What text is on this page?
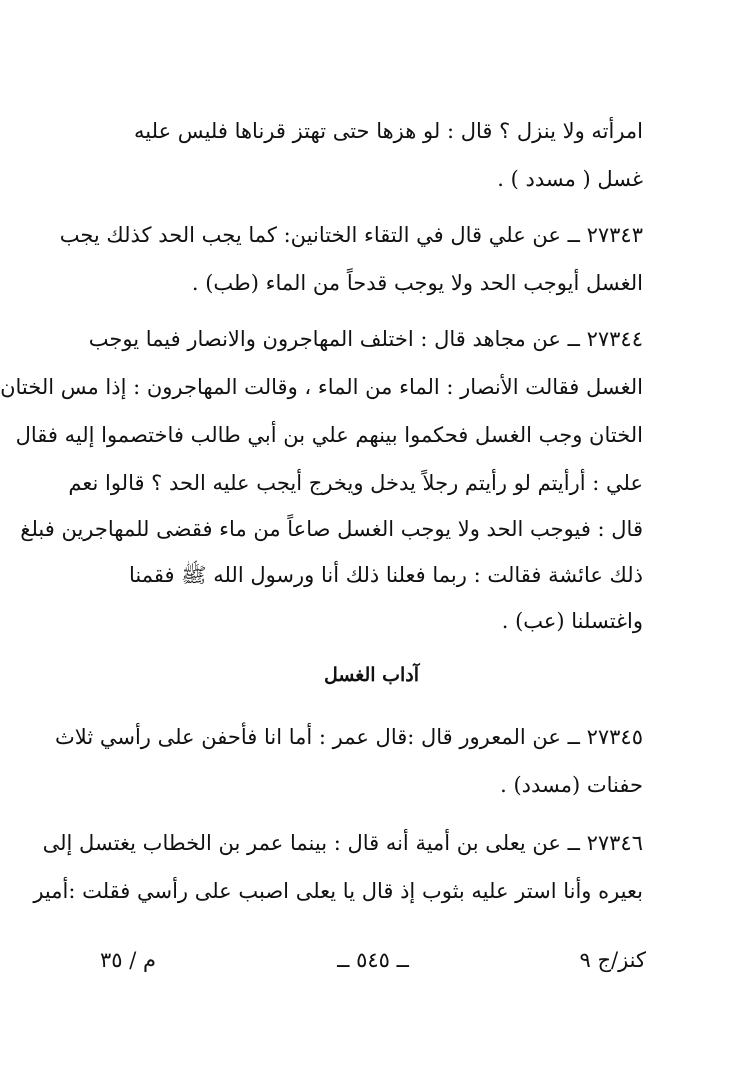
امرأته ولا ينزل ؟ قال : لو هزها حتى تهتز قرناها فليس عليه
غسل ( مسدد ) .
٢٧٣٤٣ ــ عن علي قال في التقاء الختانين: كما يجب الحد كذلك يجب
الغسل أيوجب الحد ولا يوجب قدحاً من الماء (طب) .
٢٧٣٤٤ ــ عن مجاهد قال : اختلف المهاجرون والانصار فيما يوجب
الغسل فقالت الأنصار : الماء من الماء ، وقالت المهاجرون : إذا مس الختان
الختان وجب الغسل فحكموا بينهم علي بن أبي طالب فاختصموا إليه فقال
علي : أرأيتم لو رأيتم رجلاً يدخل ويخرج أيجب عليه الحد ؟ قالوا نعم
قال : فيوجب الحد ولا يوجب الغسل صاعاً من ماء فقضى للمهاجرين فبلغ
ذلك عائشة فقالت : ربما فعلنا ذلك أنا ورسول الله ﷺ فقمنا
واغتسلنا (عب) .
آداب الغسل
٢٧٣٤٥ ــ عن المعرور قال :قال عمر : أما انا فأحفن على رأسي ثلاث
حفنات (مسدد) .
٢٧٣٤٦ ــ عن يعلى بن أمية أنه قال : بينما عمر بن الخطاب يغتسل إلى
بعيره وأنا استر عليه بثوب إذ قال يا يعلى اصبب على رأسي فقلت :أمير
كنز/ج ٩
ــ ٥٤٥ ــ
م / ٣٥
